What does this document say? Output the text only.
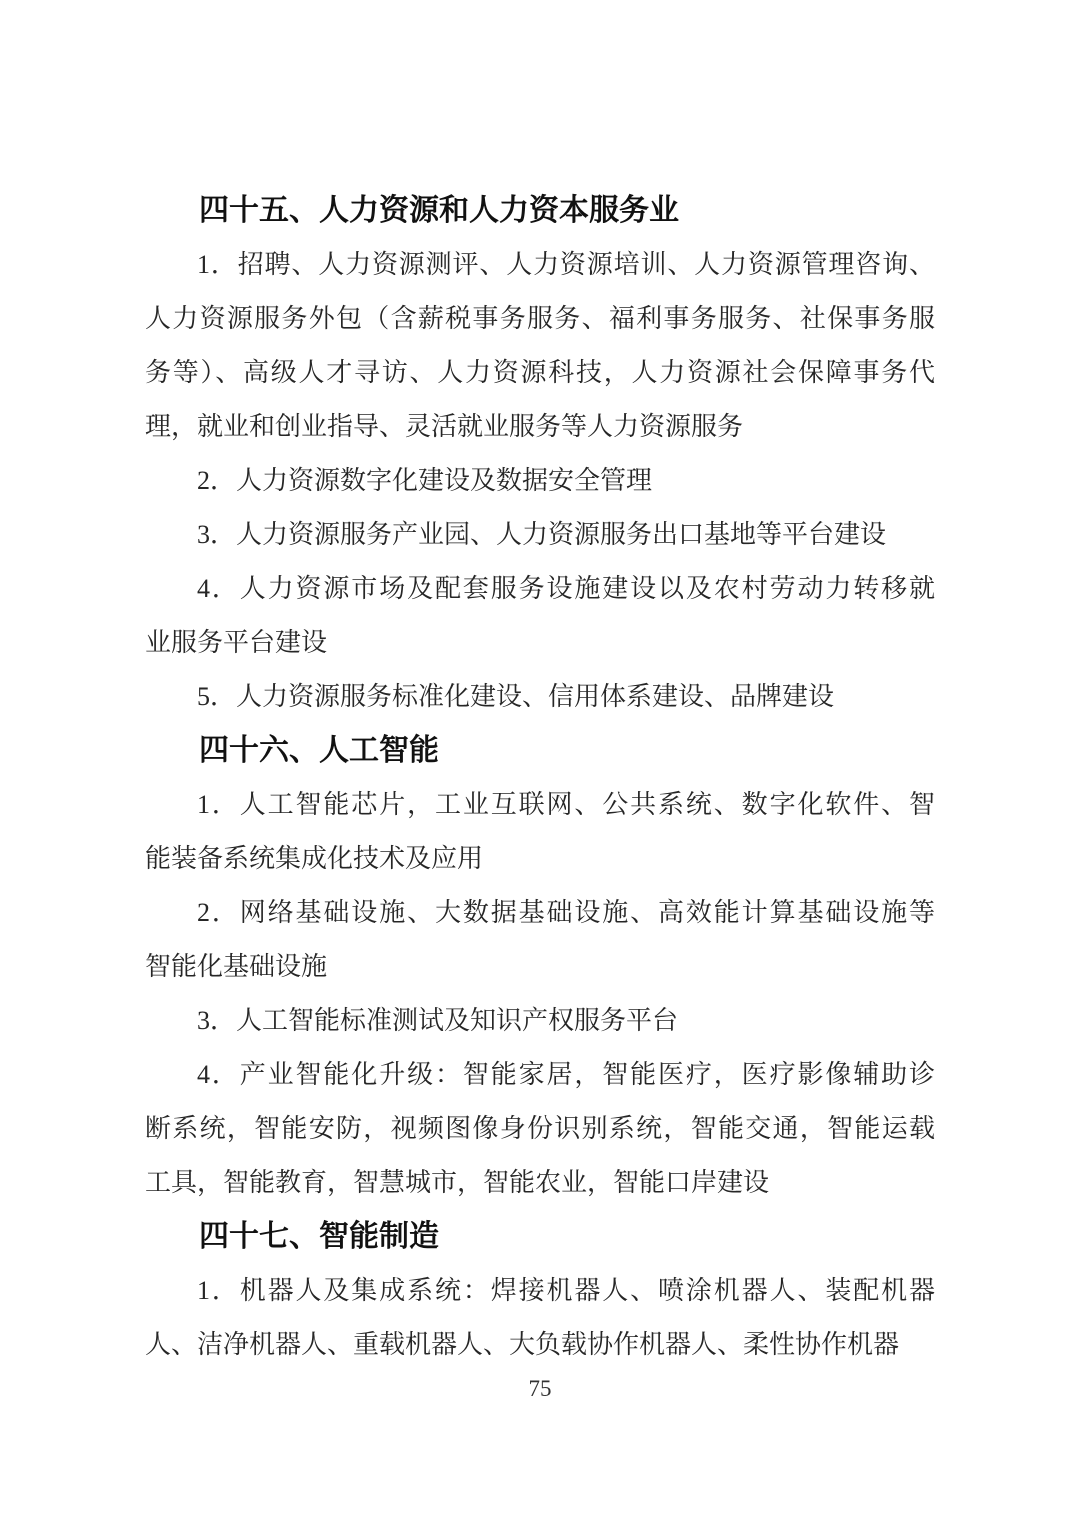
四十五、人力资源和人力资本服务业
1．招聘、人力资源测评、人力资源培训、人力资源管理咨询、
人力资源服务外包（含薪税事务服务、福利事务服务、社保事务服
务等）、高级人才寻访、人力资源科技，人力资源社会保障事务代
理，就业和创业指导、灵活就业服务等人力资源服务
2．人力资源数字化建设及数据安全管理
3．人力资源服务产业园、人力资源服务出口基地等平台建设
4．人力资源市场及配套服务设施建设以及农村劳动力转移就
业服务平台建设
5．人力资源服务标准化建设、信用体系建设、品牌建设
四十六、人工智能
1．人工智能芯片，工业互联网、公共系统、数字化软件、智
能装备系统集成化技术及应用
2．网络基础设施、大数据基础设施、高效能计算基础设施等
智能化基础设施
3．人工智能标准测试及知识产权服务平台
4．产业智能化升级：智能家居，智能医疗，医疗影像辅助诊
断系统，智能安防，视频图像身份识别系统，智能交通，智能运载
工具，智能教育，智慧城市，智能农业，智能口岸建设
四十七、智能制造
1．机器人及集成系统：焊接机器人、喷涂机器人、装配机器
人、洁净机器人、重载机器人、大负载协作机器人、柔性协作机器
75
